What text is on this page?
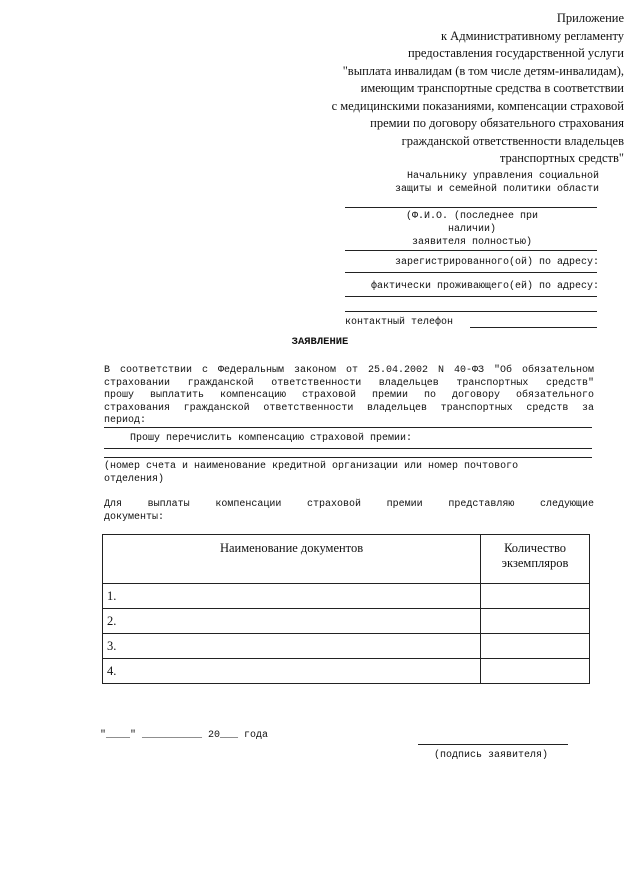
Приложение
к Административному регламенту
предоставления государственной услуги
"выплата инвалидам (в том числе детям-инвалидам),
имеющим транспортные средства в соответствии
с медицинскими показаниями, компенсации страховой
премии по договору обязательного страхования
гражданской ответственности владельцев
транспортных средств"
Начальнику управления социальной
защиты и семейной политики области
(Ф.И.О. (последнее при
наличии)
заявителя полностью)
зарегистрированного(ой) по адресу:
фактически проживающего(ей) по адресу:
контактный телефон
ЗАЯВЛЕНИЕ
В соответствии с Федеральным законом от 25.04.2002 N 40-ФЗ "Об обязательном
страховании гражданской ответственности владельцев транспортных средств"
прошу выплатить компенсацию страховой премии по договору обязательного
страхования гражданской ответственности владельцев транспортных средств за
период:
Прошу перечислить компенсацию страховой премии:
(номер счета и наименование кредитной организации или номер почтового
отделения)
Для выплаты компенсации страховой премии представляю следующие
документы:
Наименование документов	Количество
экземпляров

1.	
2.	
3.	
4.	
"____" __________ 20___ года
(подпись заявителя)
